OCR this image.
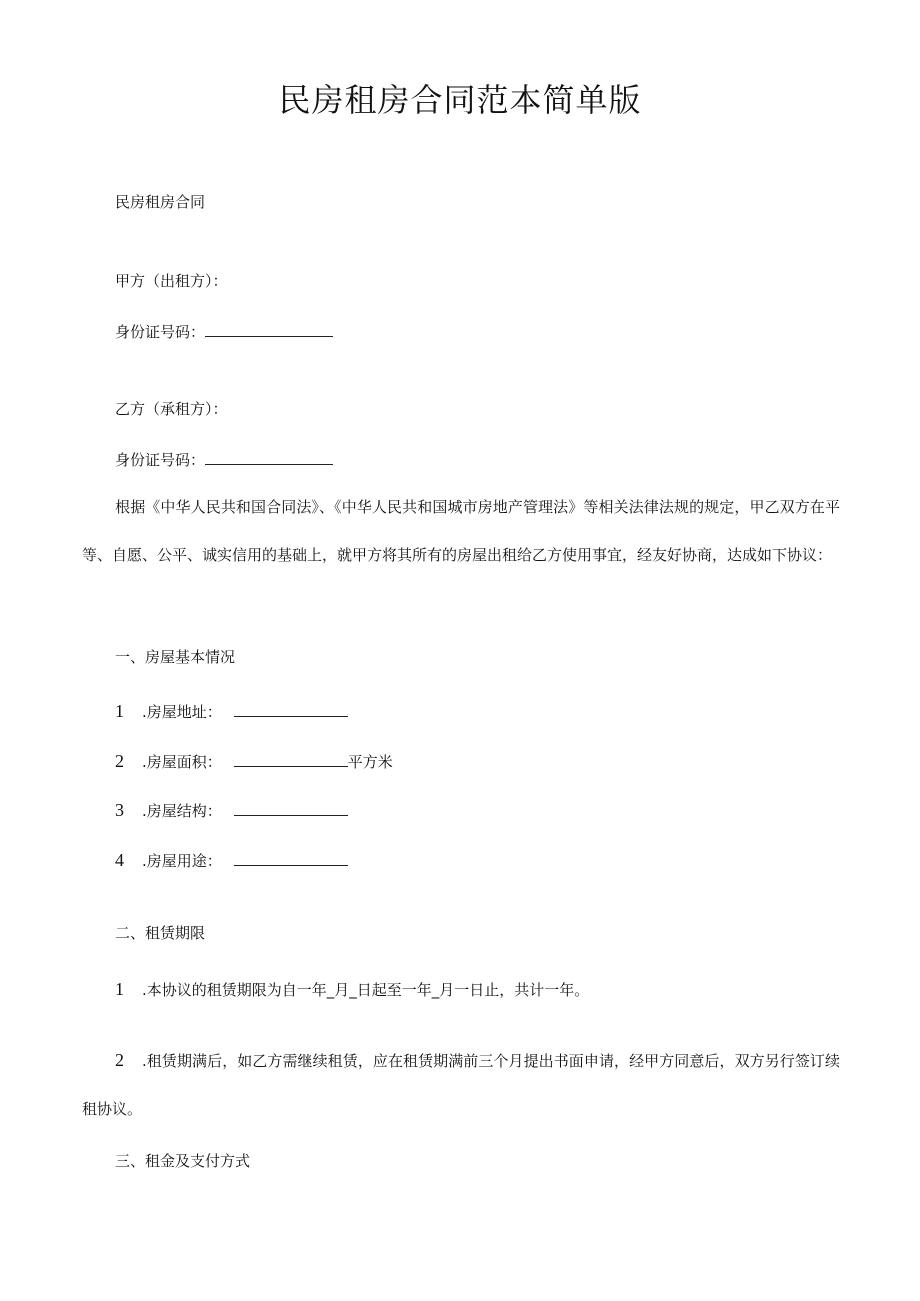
民房租房合同范本简单版
民房租房合同
甲方（出租方）：
身份证号码：
乙方（承租方）：
身份证号码：
根据《中华人民共和国合同法》、《中华人民共和国城市房地产管理法》等相关法律法规的规定，甲乙双方在平等、自愿、公平、诚实信用的基础上，就甲方将其所有的房屋出租给乙方使用事宜，经友好协商，达成如下协议：
一、房屋基本情况
1 .房屋地址：
2 .房屋面积：	平方米
3 .房屋结构：
4 .房屋用途：
二、租赁期限
1 .本协议的租赁期限为自一年_月_日起至一年_月一日止，共计一年。
2 .租赁期满后，如乙方需继续租赁，应在租赁期满前三个月提出书面申请，经甲方同意后，双方另行签订续租协议。
三、租金及支付方式
